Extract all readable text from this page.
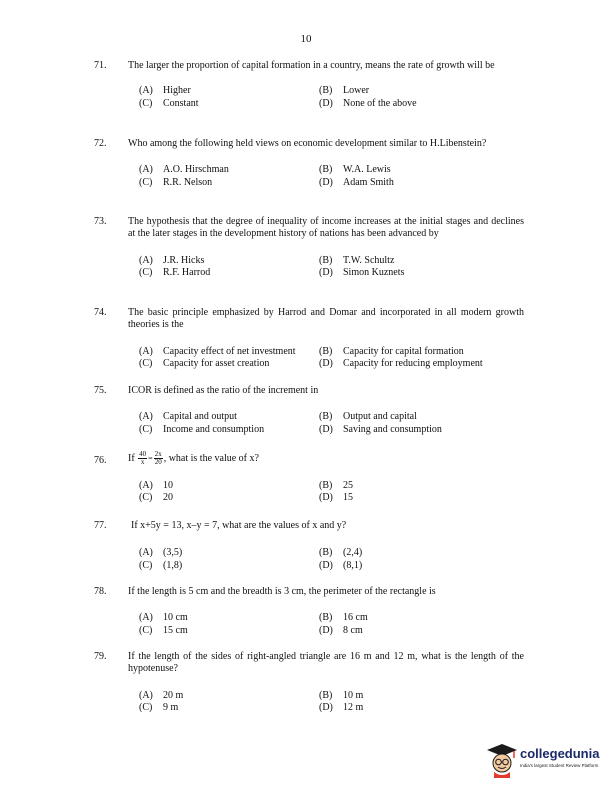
10
71. The larger the proportion of capital formation in a country, means the rate of growth will be
(A) Higher	(B) Lower
(C) Constant	(D) None of the above
72. Who among the following held views on economic development similar to H.Libenstein?
(A) A.O. Hirschman	(B) W.A. Lewis
(C) R.R. Nelson	(D) Adam Smith
73. The hypothesis that the degree of inequality of income increases at the initial stages and declines at the later stages in the development history of nations has been advanced by
(A) J.R. Hicks	(B) T.W. Schultz
(C) R.F. Harrod	(D) Simon Kuznets
74. The basic principle emphasized by Harrod and Domar and incorporated in all modern growth theories is the
(A) Capacity effect of net investment	(B) Capacity for capital formation
(C) Capacity for asset creation	(D) Capacity for reducing employment
75. ICOR is defined as the ratio of the increment in
(A) Capital and output	(B) Output and capital
(C) Income and consumption	(D) Saving and consumption
76. If $\frac{40}{x} = \frac{2x}{20}$ , what is the value of x?
(A) 10	(B) 25
(C) 20	(D) 15
77. If x+5y = 13, x–y = 7, what are the values of x and y?
(A) (3,5)	(B) (2,4)
(C) (1,8)	(D) (8,1)
78. If the length is 5 cm and the breadth is 3 cm, the perimeter of the rectangle is
(A) 10 cm	(B) 16 cm
(C) 15 cm	(D) 8 cm
79. If the length of the sides of right-angled triangle are 16 m and 12 m, what is the length of the hypotenuse?
(A) 20 m	(B) 10 m
(C) 9 m	(D) 12 m
collegedunia
India's largest Student Review Platform
